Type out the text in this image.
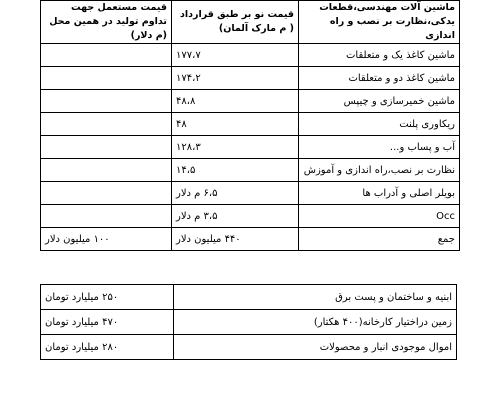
ماشین آلات مهندسی،قطعات یدکی،نظارت بر نصب و راه اندازی	قیمت نو بر طبق قرارداد ( م مارک آلمان)	قیمت مستعمل جهت تداوم تولید در همین محل (م دلار)
ماشین کاغذ یک و متعلقات	۱۷۷،۷	
ماشین کاغذ دو و متعلقات	۱۷۴،۲	
ماشین خمیرسازی و چیپس	۴۸،۸	
ریکاوری پلنت	۴۸	
آب و پساب و...	۱۲۸،۳	
نظارت بر نصب،راه اندازی و آموزش	۱۴،۵	
بویلر اصلی و آدراب ها	۶،۵ م دلار	
Occ	۳،۵ م دلار	
جمع	۴۴۰ میلیون دلار	۱۰۰ میلیون دلار
ابنیه و ساختمان و پست برق	۲۵۰ میلیارد تومان
زمین دراختیار کارخانه(۴۰۰ هکتار)	۴۷۰ میلیارد تومان
اموال موجودی انبار و محصولات	۲۸۰ میلیارد تومان
